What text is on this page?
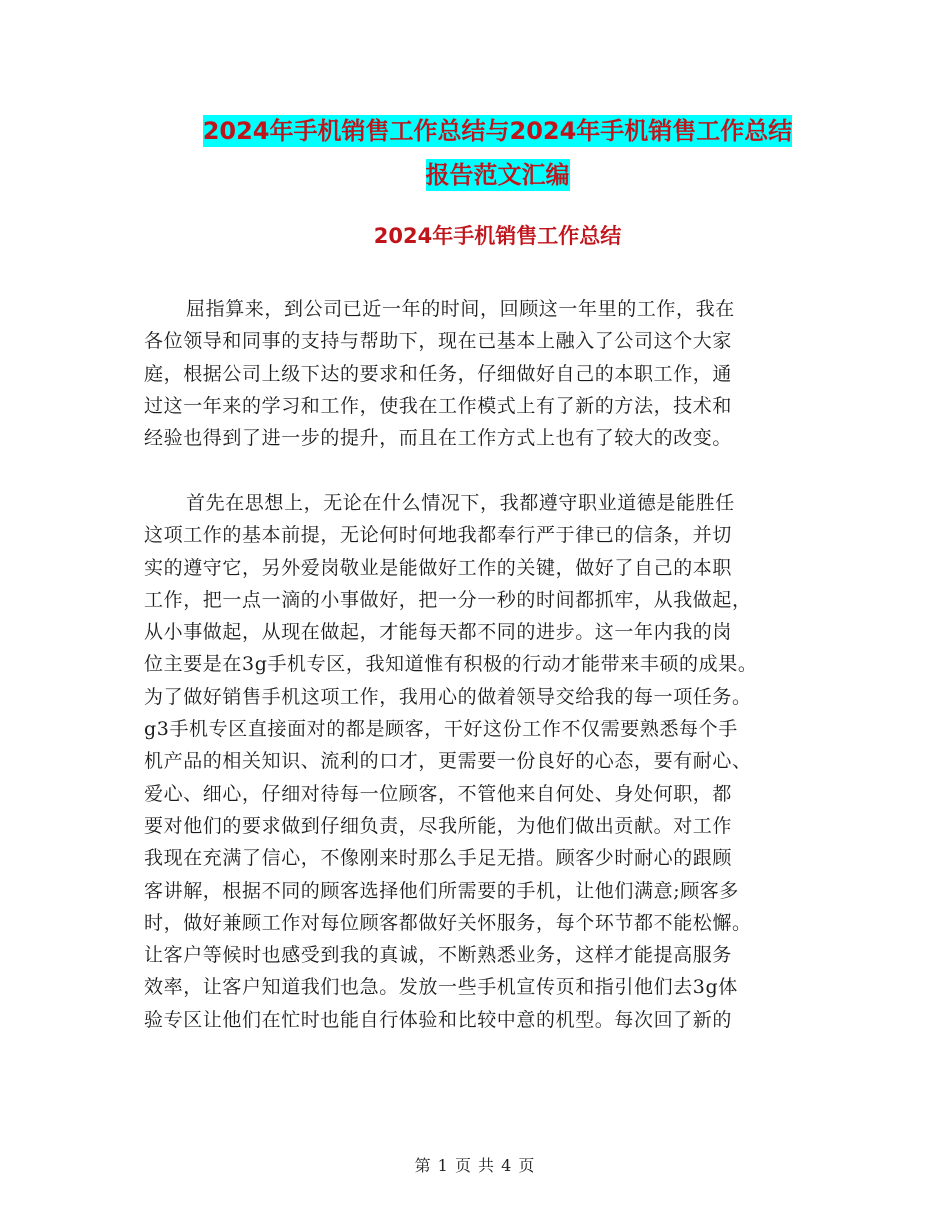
2024年手机销售工作总结与2024年手机销售工作总结
报告范文汇编
2024年手机销售工作总结
屈指算来，到公司已近一年的时间，回顾这一年里的工作，我在
各位领导和同事的支持与帮助下，现在已基本上融入了公司这个大家
庭，根据公司上级下达的要求和任务，仔细做好自己的本职工作，通
过这一年来的学习和工作，使我在工作模式上有了新的方法，技术和
经验也得到了进一步的提升，而且在工作方式上也有了较大的改变。
首先在思想上，无论在什么情况下，我都遵守职业道德是能胜任
这项工作的基本前提，无论何时何地我都奉行严于律已的信条，并切
实的遵守它，另外爱岗敬业是能做好工作的关键，做好了自己的本职
工作，把一点一滴的小事做好，把一分一秒的时间都抓牢，从我做起，
从小事做起，从现在做起，才能每天都不同的进步。这一年内我的岗
位主要是在3g手机专区，我知道惟有积极的行动才能带来丰硕的成果。
为了做好销售手机这项工作，我用心的做着领导交给我的每一项任务。
g3手机专区直接面对的都是顾客，干好这份工作不仅需要熟悉每个手
机产品的相关知识、流利的口才，更需要一份良好的心态，要有耐心、
爱心、细心，仔细对待每一位顾客，不管他来自何处、身处何职，都
要对他们的要求做到仔细负责，尽我所能，为他们做出贡献。对工作
我现在充满了信心，不像刚来时那么手足无措。顾客少时耐心的跟顾
客讲解，根据不同的顾客选择他们所需要的手机，让他们满意;顾客多
时，做好兼顾工作对每位顾客都做好关怀服务，每个环节都不能松懈。
让客户等候时也感受到我的真诚，不断熟悉业务，这样才能提高服务
效率，让客户知道我们也急。发放一些手机宣传页和指引他们去3g体
验专区让他们在忙时也能自行体验和比较中意的机型。每次回了新的
第 1 页 共 4 页
